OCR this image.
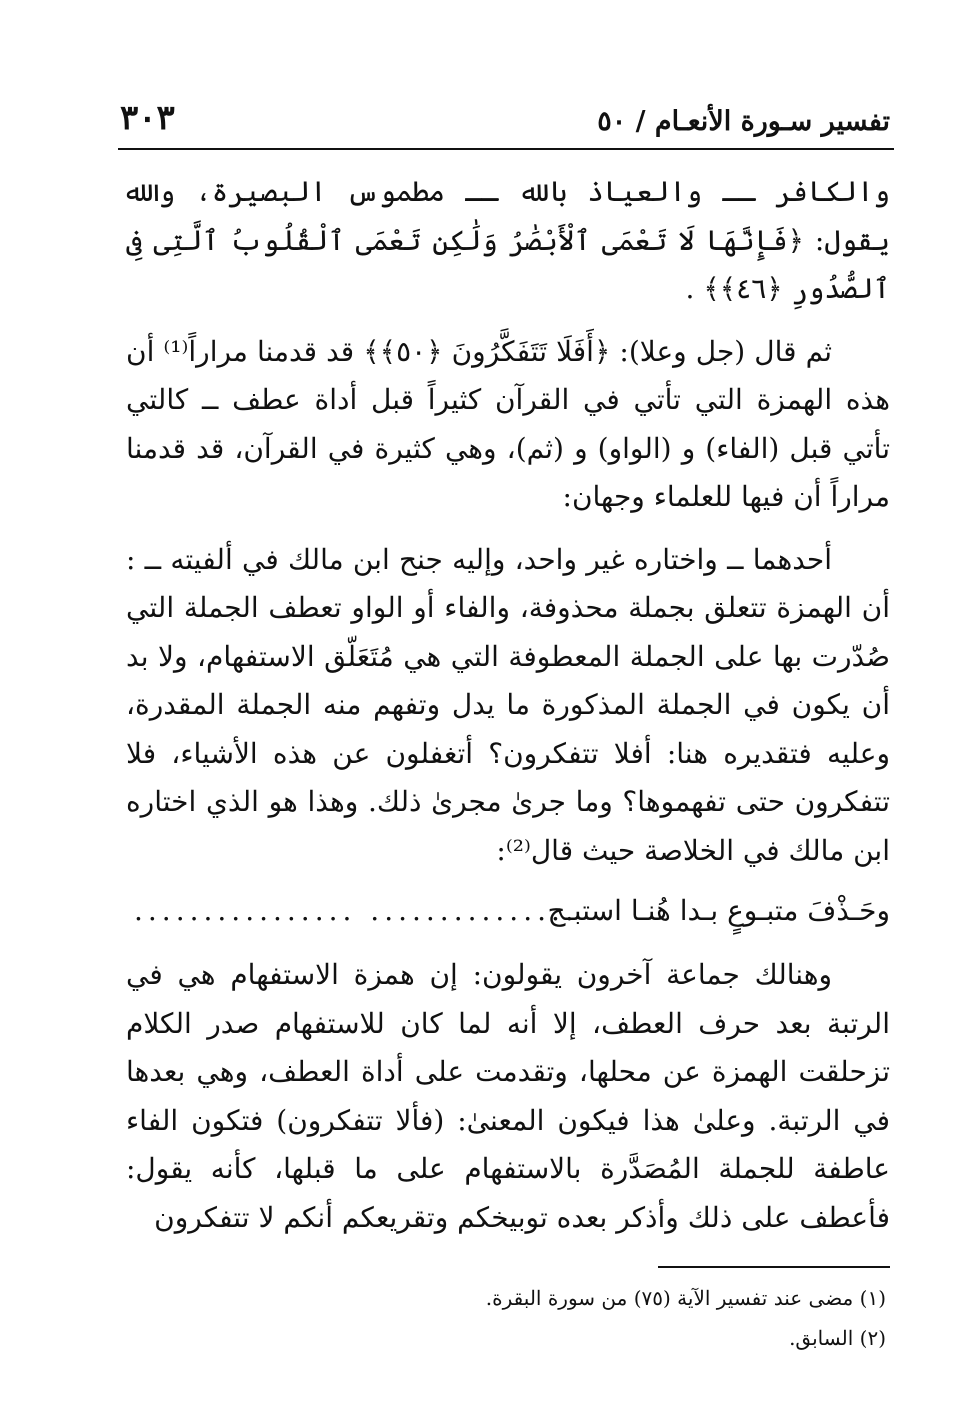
تفسير سـورة الأنعـام / ٥٠
٣٠٣

والكافر ــ والعياذ بالله ــ مطموس البصيرة، والله يقول: ﴿فَإِنَّهَا لَا تَعْمَى ٱلْأَبْصَٰرُ وَلَٰكِن تَعْمَى ٱلْقُلُوبُ ٱلَّتِى فِى ٱلصُّدُورِ ﴿٤٦﴾﴾ .

ثم قال (جل وعلا): ﴿أَفَلَا تَتَفَكَّرُونَ ﴿٥٠﴾﴾ قد قدمنا مراراً⁽¹⁾ أن هذه الهمزة التي تأتي في القرآن كثيراً قبل أداة عطف ــ كالتي تأتي قبل (الفاء) و (الواو) و (ثم)، وهي كثيرة في القرآن، قد قدمنا مراراً أن فيها للعلماء وجهان:

أحدهما ــ واختاره غير واحد، وإليه جنح ابن مالك في ألفيته ــ : أن الهمزة تتعلق بجملة محذوفة، والفاء أو الواو تعطف الجملة التي صُدّرت بها على الجملة المعطوفة التي هي مُتَعَلّق الاستفهام، ولا بد أن يكون في الجملة المذكورة ما يدل وتفهم منه الجملة المقدرة، وعليه فتقديره هنا: أفلا تتفكرون؟ أتغفلون عن هذه الأشياء، فلا تتفكرون حتى تفهموها؟ وما جرىٰ مجرىٰ ذلك. وهذا هو الذي اختاره ابن مالك في الخلاصة حيث قال⁽²⁾:

وحَـذْفَ متبـوعٍ بـدا هُنـا استبـح
............... ................

وهنالك جماعة آخرون يقولون: إن همزة الاستفهام هي في الرتبة بعد حرف العطف، إلا أنه لما كان للاستفهام صدر الكلام تزحلقت الهمزة عن محلها، وتقدمت على أداة العطف، وهي بعدها في الرتبة. وعلىٰ هذا فيكون المعنىٰ: (فألا تتفكرون) فتكون الفاء عاطفة للجملة المُصَدَّرة بالاستفهام على ما قبلها، كأنه يقول: فأعطف على ذلك وأذكر بعده توبيخكم وتقريعكم أنكم لا تتفكرون

(١) مضى عند تفسير الآية (٧٥) من سورة البقرة.

(٢) السابق.
